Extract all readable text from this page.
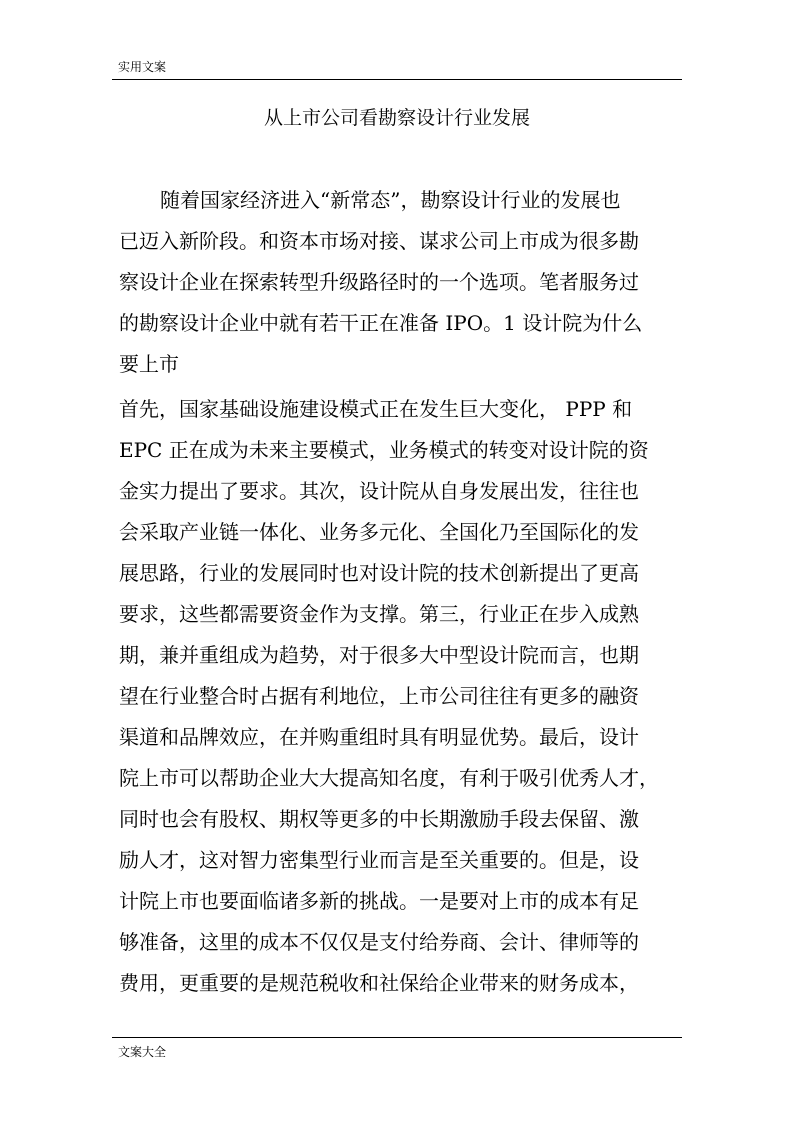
实用文案
从上市公司看勘察设计行业发展
随着国家经济进入“新常态”，勘察设计行业的发展也
已迈入新阶段。和资本市场对接、谋求公司上市成为很多勘
察设计企业在探索转型升级路径时的一个选项。笔者服务过
的勘察设计企业中就有若干正在准备 IPO。1 设计院为什么
要上市
首先，国家基础设施建设模式正在发生巨大变化， PPP 和
EPC 正在成为未来主要模式，业务模式的转变对设计院的资
金实力提出了要求。其次，设计院从自身发展出发，往往也
会采取产业链一体化、业务多元化、全国化乃至国际化的发
展思路，行业的发展同时也对设计院的技术创新提出了更高
要求，这些都需要资金作为支撑。第三，行业正在步入成熟
期，兼并重组成为趋势，对于很多大中型设计院而言，也期
望在行业整合时占据有利地位，上市公司往往有更多的融资
渠道和品牌效应，在并购重组时具有明显优势。最后，设计
院上市可以帮助企业大大提高知名度，有利于吸引优秀人才，
同时也会有股权、期权等更多的中长期激励手段去保留、激
励人才，这对智力密集型行业而言是至关重要的。但是，设
计院上市也要面临诸多新的挑战。一是要对上市的成本有足
够准备，这里的成本不仅仅是支付给券商、会计、律师等的
费用，更重要的是规范税收和社保给企业带来的财务成本，
文案大全
